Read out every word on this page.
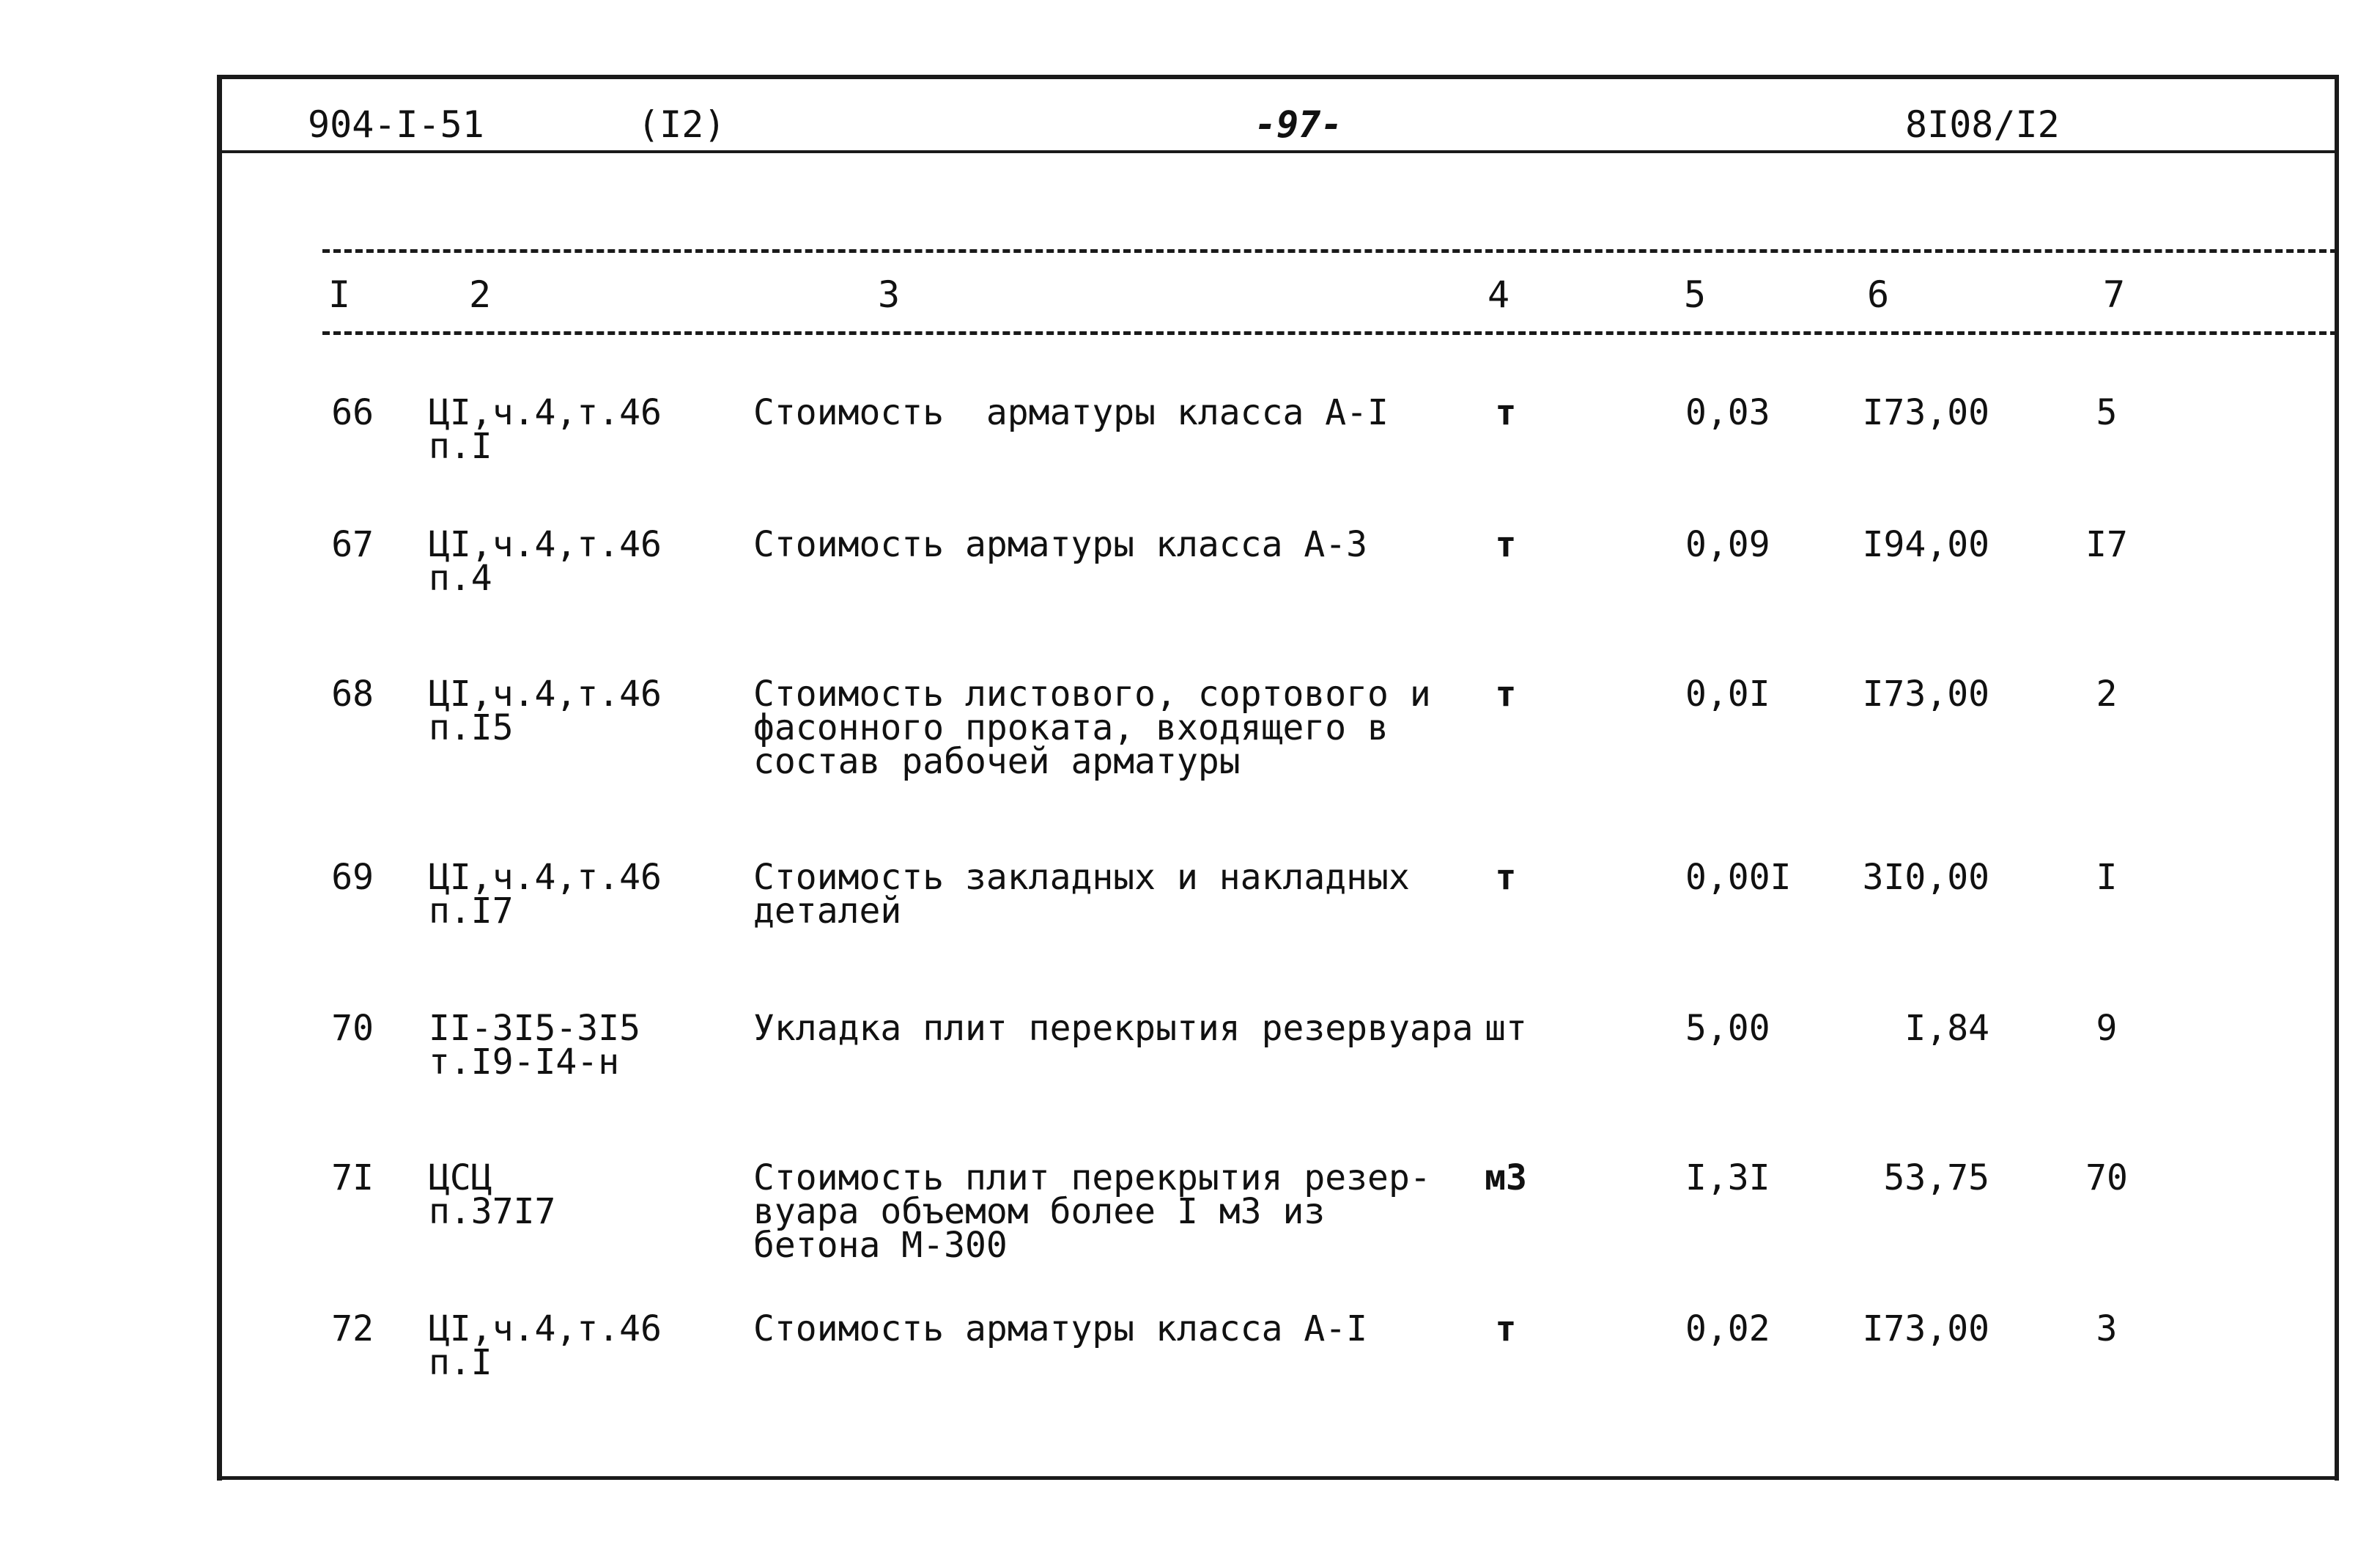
904-I-51	(I2)	-97-	8I08/I2
I	2	3	4	5	6	7
66 ЦI,ч.4,т.46
п.I
Стоимость  арматуры класса А-I	т	0,03	I73,00	5
67 ЦI,ч.4,т.46
п.4
Стоимость арматуры класса А-3	т	0,09	I94,00	I7
68 ЦI,ч.4,т.46
п.I5
Стоимость листового, сортового и
фасонного проката, входящего в
состав рабочей арматуры
т	0,0I	I73,00	2
69 ЦI,ч.4,т.46
п.I7
Стоимость закладных и накладных
деталей
т	0,00I	3I0,00	I
70 II-3I5-3I5
т.I9-I4-н
Укладка плит перекрытия резервуара шт	5,00	I,84	9
7I ЦСЦ
п.37I7
Стоимость плит перекрытия резер-
вуара объемом более I м3 из
бетона М-300
м3	I,3I	53,75	70
72 ЦI,ч.4,т.46
п.I
Стоимость арматуры класса А-I	т	0,02	I73,00	3
